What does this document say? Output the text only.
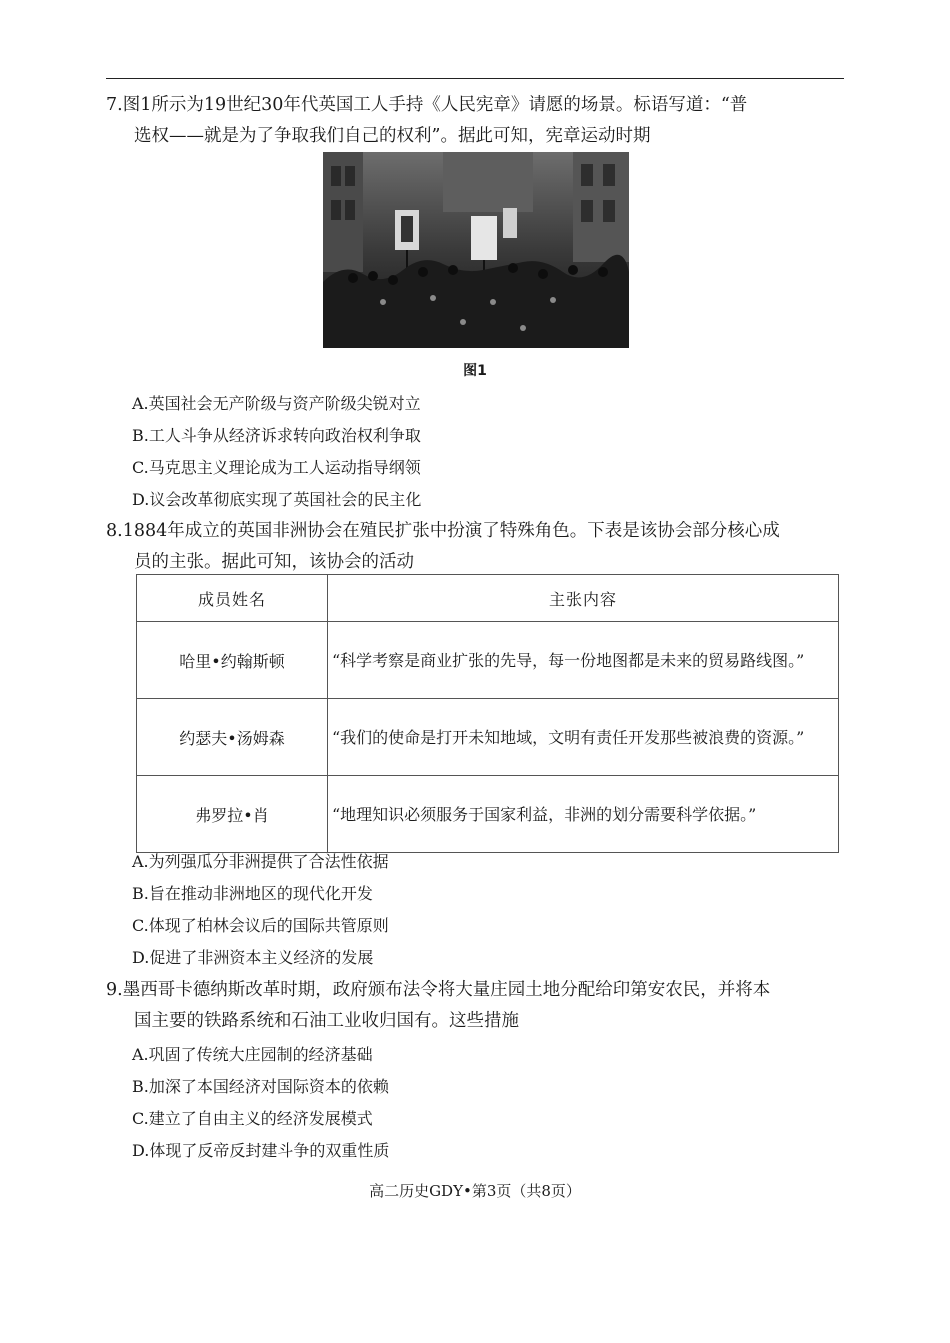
7.图1所示为19世纪30年代英国工人手持《人民宪章》请愿的场景。标语写道：“普
选权——就是为了争取我们自己的权利”。据此可知，宪章运动时期
图1
A.英国社会无产阶级与资产阶级尖锐对立
B.工人斗争从经济诉求转向政治权利争取
C.马克思主义理论成为工人运动指导纲领
D.议会改革彻底实现了英国社会的民主化
8.1884年成立的英国非洲协会在殖民扩张中扮演了特殊角色。下表是该协会部分核心成
员的主张。据此可知，该协会的活动
成员姓名	主张内容
哈里•约翰斯顿	“科学考察是商业扩张的先导，每一份地图都是未来的贸易路线图。”
约瑟夫•汤姆森	“我们的使命是打开未知地域，文明有责任开发那些被浪费的资源。”
弗罗拉•肖	“地理知识必须服务于国家利益，非洲的划分需要科学依据。”
A.为列强瓜分非洲提供了合法性依据
B.旨在推动非洲地区的现代化开发
C.体现了柏林会议后的国际共管原则
D.促进了非洲资本主义经济的发展
9.墨西哥卡德纳斯改革时期，政府颁布法令将大量庄园土地分配给印第安农民，并将本
国主要的铁路系统和石油工业收归国有。这些措施
A.巩固了传统大庄园制的经济基础
B.加深了本国经济对国际资本的依赖
C.建立了自由主义的经济发展模式
D.体现了反帝反封建斗争的双重性质
高二历史GDY•第3页（共8页）
